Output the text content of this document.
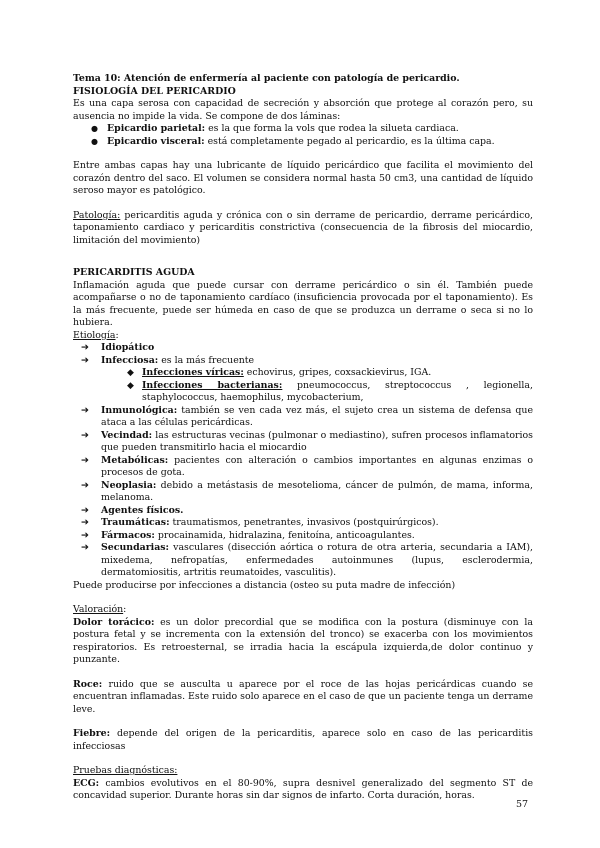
Tema 10: Atención de enfermería al paciente con patología de pericardio.

FISIOLOGÍA DEL PERICARDIO

Es una capa serosa con capacidad de secreción y absorción que protege al corazón pero, su ausencia no impide la vida. Se compone de dos láminas:

● Epicardio parietal: es la que forma la vols que rodea la silueta cardiaca.
● Epicardio visceral: está completamente pegado al pericardio, es la última capa.

Entre ambas capas hay una lubricante de líquido pericárdico que facilita el movimiento del corazón dentro del saco. El volumen se considera normal hasta 50 cm3, una cantidad de líquido seroso mayor es patológico.

Patología: pericarditis aguda y crónica con o sin derrame de pericardio, derrame pericárdico, taponamiento cardiaco y pericarditis constrictiva (consecuencia de la fibrosis del miocardio, limitación del movimiento)

PERICARDITIS AGUDA

Inflamación aguda que puede cursar con derrame pericárdico o sin él. También puede acompañarse o no de taponamiento cardíaco (insuficiencia provocada por el taponamiento). Es la más frecuente, puede ser húmeda en caso de que se produzca un derrame o seca si no lo hubiera.

Etiología:

➔ Idiopático
➔ Infecciosa: es la más frecuente
◆ Infecciones víricas: echovirus, gripes, coxsackievirus, IGA.
◆ Infecciones bacterianas: pneumococcus, streptococcus , legionella, staphylococcus, haemophilus, mycobacterium,
➔ Inmunológica: también se ven cada vez más, el sujeto crea un sistema de defensa que ataca a las células pericárdicas.
➔ Vecindad: las estructuras vecinas (pulmonar o mediastino), sufren procesos inflamatorios que pueden transmitirlo hacia el miocardio
➔ Metabólicas: pacientes con alteración o cambios importantes en algunas enzimas o procesos de gota.
➔ Neoplasia: debido a metástasis de mesotelioma, cáncer de pulmón, de mama, informa, melanoma.
➔ Agentes físicos.
➔ Traumáticas: traumatismos, penetrantes, invasivos (postquirúrgicos).
➔ Fármacos: procainamida, hidralazina, fenitoína, anticoagulantes.
➔ Secundarias: vasculares (disección aórtica o rotura de otra arteria, secundaria a IAM), mixedema, nefropatías, enfermedades autoinmunes (lupus, esclerodermia, dermatomiositis, artritis reumatoides, vasculitis).

Puede producirse por infecciones a distancia (osteo su puta madre de infección)

Valoración:

Dolor torácico: es un dolor precordial que se modifica con la postura (disminuye con la postura fetal y se incrementa con la extensión del tronco) se exacerba con los movimientos respiratorios. Es retroesternal, se irradia hacia la escápula izquierda,de dolor continuo y punzante.

Roce: ruido que se ausculta u aparece por el roce de las hojas pericárdicas cuando se encuentran inflamadas. Este ruido solo aparece en el caso de que un paciente tenga un derrame leve.

Fiebre: depende del origen de la pericarditis, aparece solo en caso de las pericarditis infecciosas

Pruebas diagnósticas:

ECG: cambios evolutivos en el 80-90%, supra desnivel generalizado del segmento ST de concavidad superior. Durante horas sin dar signos de infarto. Corta duración, horas.

57
